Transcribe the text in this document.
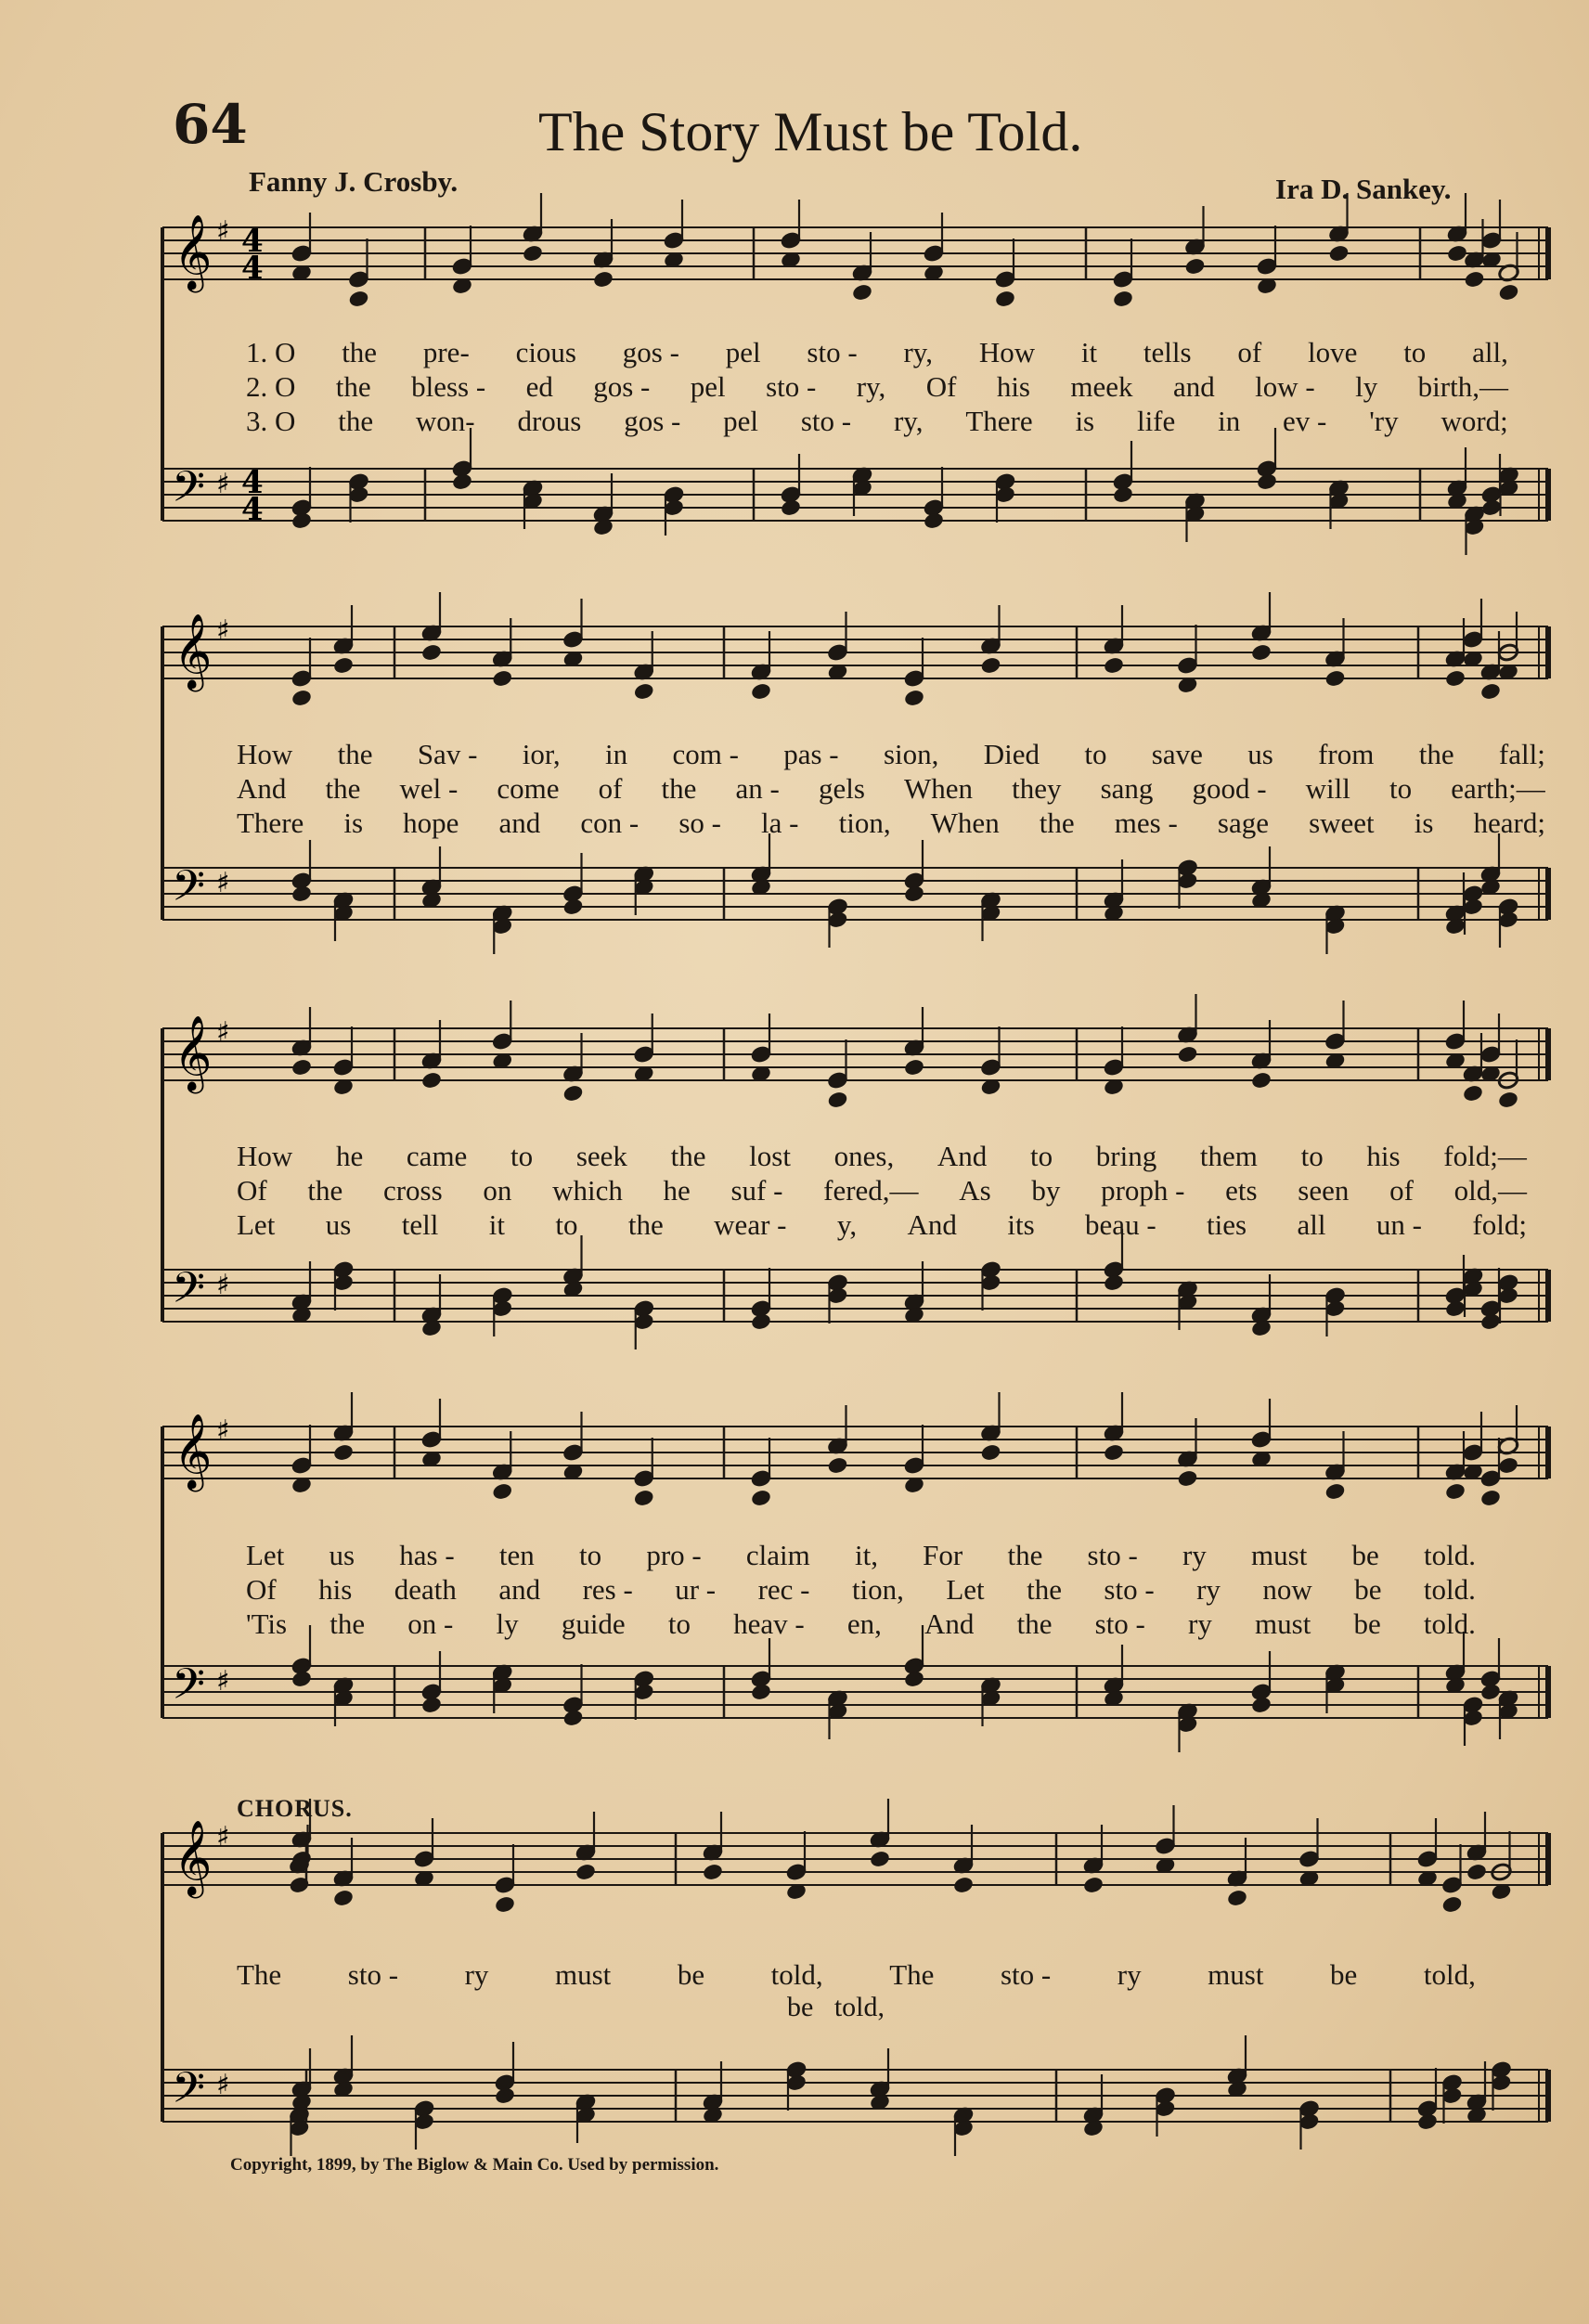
𝄞
𝄢
♯
♯
4
4
4
4
𝄞
𝄢
♯
♯
𝄞
𝄢
♯
♯
𝄞
𝄢
♯
♯
𝄞
𝄢
♯
♯
64	The Story Must be Told.
Fanny J. Crosby.	Ira D. Sankey.
1. O the pre- cious gos - pel sto - ry, How it tells of love to all,
2. O the bless - ed gos - pel sto - ry, Of his meek and low - ly birth,—
3. O the won- drous gos - pel sto - ry, There is life in ev - 'ry word;
How the Sav - ior, in com - pas - sion, Died to save us from the fall;
And the wel - come of the an - gels When they sang good - will to earth;—
There is hope and con - so - la - tion, When the mes - sage sweet is heard;
How he came to seek the lost ones, And to bring them to his fold;—
Of the cross on which he suf - fered,— As by proph - ets seen of old,—
Let us tell it to the wear - y, And its beau - ties all un - fold;
Let us has - ten to pro - claim it, For the sto - ry must be told.
Of his death and res - ur - rec - tion, Let the sto - ry now be told.
'Tis the on - ly guide to heav - en, And the sto - ry must be told.
The sto - ry must be told, The sto - ry must be told,
be   told,
CHORUS.
Copyright, 1899, by The Biglow & Main Co. Used by permission.
